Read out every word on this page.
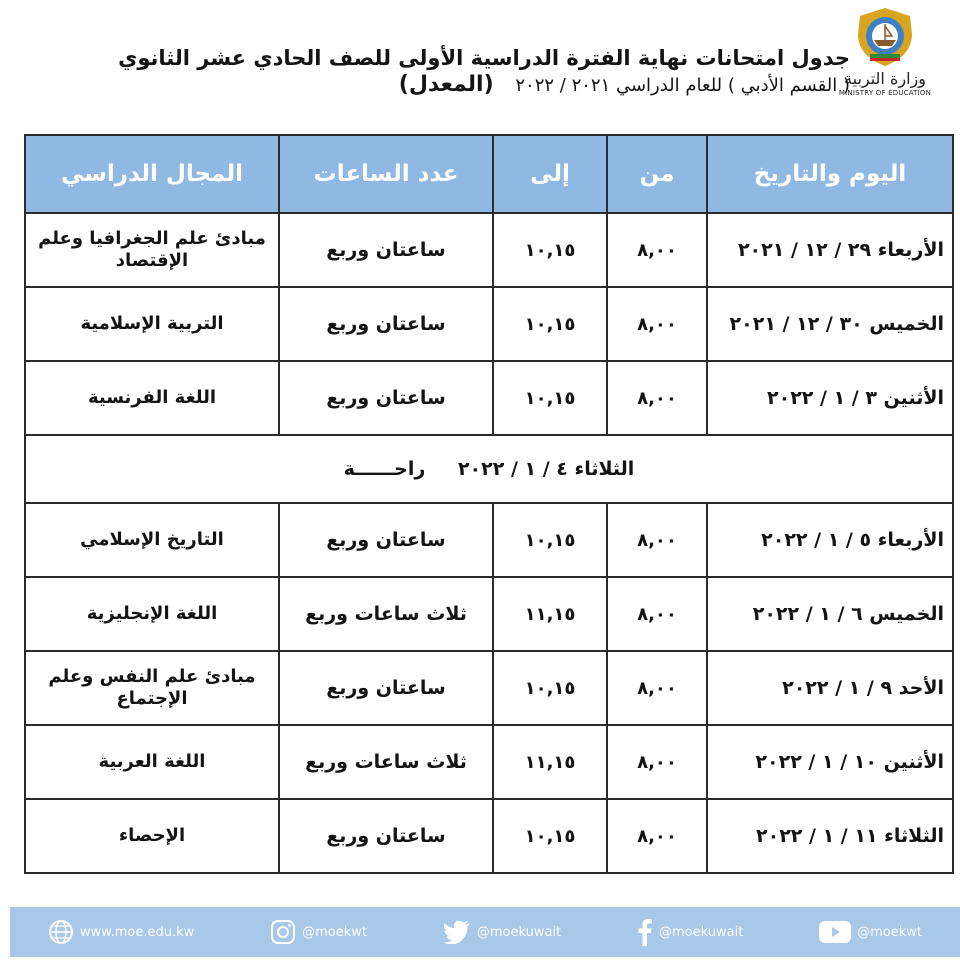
وزارة التربية
MINISTRY OF EDUCATION
جدول امتحانات نهاية الفترة الدراسية الأولى للصف الحادي عشر الثانوي
( القسم الأدبي ) للعام الدراسي ٢٠٢١ / ٢٠٢٢ (المعدل)
اليوم والتاريخ	من	إلى	عدد الساعات	المجال الدراسي
الأربعاء ٢٩ / ١٢ / ٢٠٢١	٨,٠٠	١٠,١٥	ساعتان وربع	مبادئ علم الجغرافيا وعلم الإقتصاد
الخميس ٣٠ / ١٢ / ٢٠٢١	٨,٠٠	١٠,١٥	ساعتان وربع	التربية الإسلامية
الأثنين ٣ / ١ / ٢٠٢٢	٨,٠٠	١٠,١٥	ساعتان وربع	اللغة الفرنسية
الثلاثاء ٤ / ١ / ٢٠٢٢ راحــــــة				
الأربعاء ٥ / ١ / ٢٠٢٢	٨,٠٠	١٠,١٥	ساعتان وربع	التاريخ الإسلامي
الخميس ٦ / ١ / ٢٠٢٢	٨,٠٠	١١,١٥	ثلاث ساعات وربع	اللغة الإنجليزية
الأحد ٩ / ١ / ٢٠٢٢	٨,٠٠	١٠,١٥	ساعتان وربع	مبادئ علم النفس وعلم الإجتماع
الأثنين ١٠ / ١ / ٢٠٢٢	٨,٠٠	١١,١٥	ثلاث ساعات وربع	اللغة العربية
الثلاثاء ١١ / ١ / ٢٠٢٢	٨,٠٠	١٠,١٥	ساعتان وربع	الإحصاء
www.moe.edu.kw	@moekwt	@moekuwait	@moekuwait	@moekwt
